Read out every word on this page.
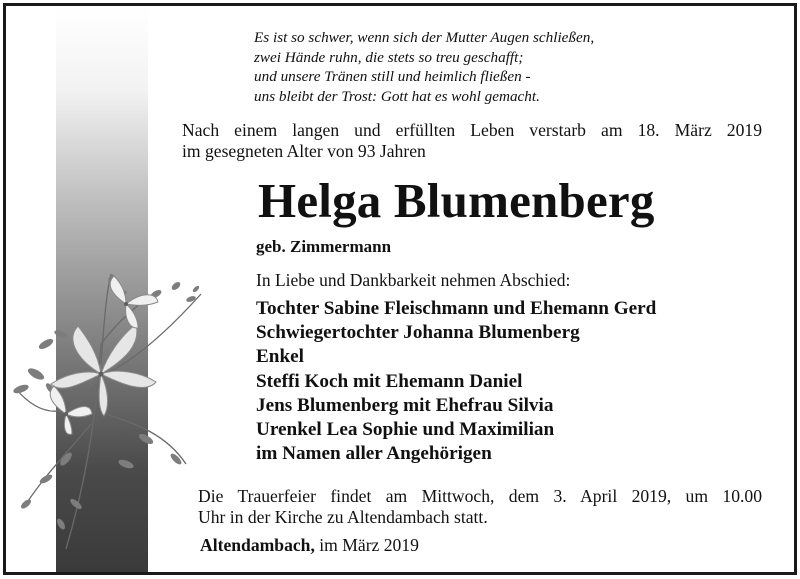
Es ist so schwer, wenn sich der Mutter Augen schließen,
zwei Hände ruhn, die stets so treu geschafft;
und unsere Tränen still und heimlich fließen -
uns bleibt der Trost: Gott hat es wohl gemacht.
Nach einem langen und erfüllten Leben verstarb am 18. März 2019
im gesegneten Alter von 93 Jahren
Helga Blumenberg
geb. Zimmermann
In Liebe und Dankbarkeit nehmen Abschied:
Tochter Sabine Fleischmann und Ehemann Gerd
Schwiegertochter Johanna Blumenberg
Enkel
Steffi Koch mit Ehemann Daniel
Jens Blumenberg mit Ehefrau Silvia
Urenkel Lea Sophie und Maximilian
im Namen aller Angehörigen
Die Trauerfeier findet am Mittwoch, dem 3. April 2019, um 10.00
Uhr in der Kirche zu Altendambach statt.
Altendambach, im März 2019
